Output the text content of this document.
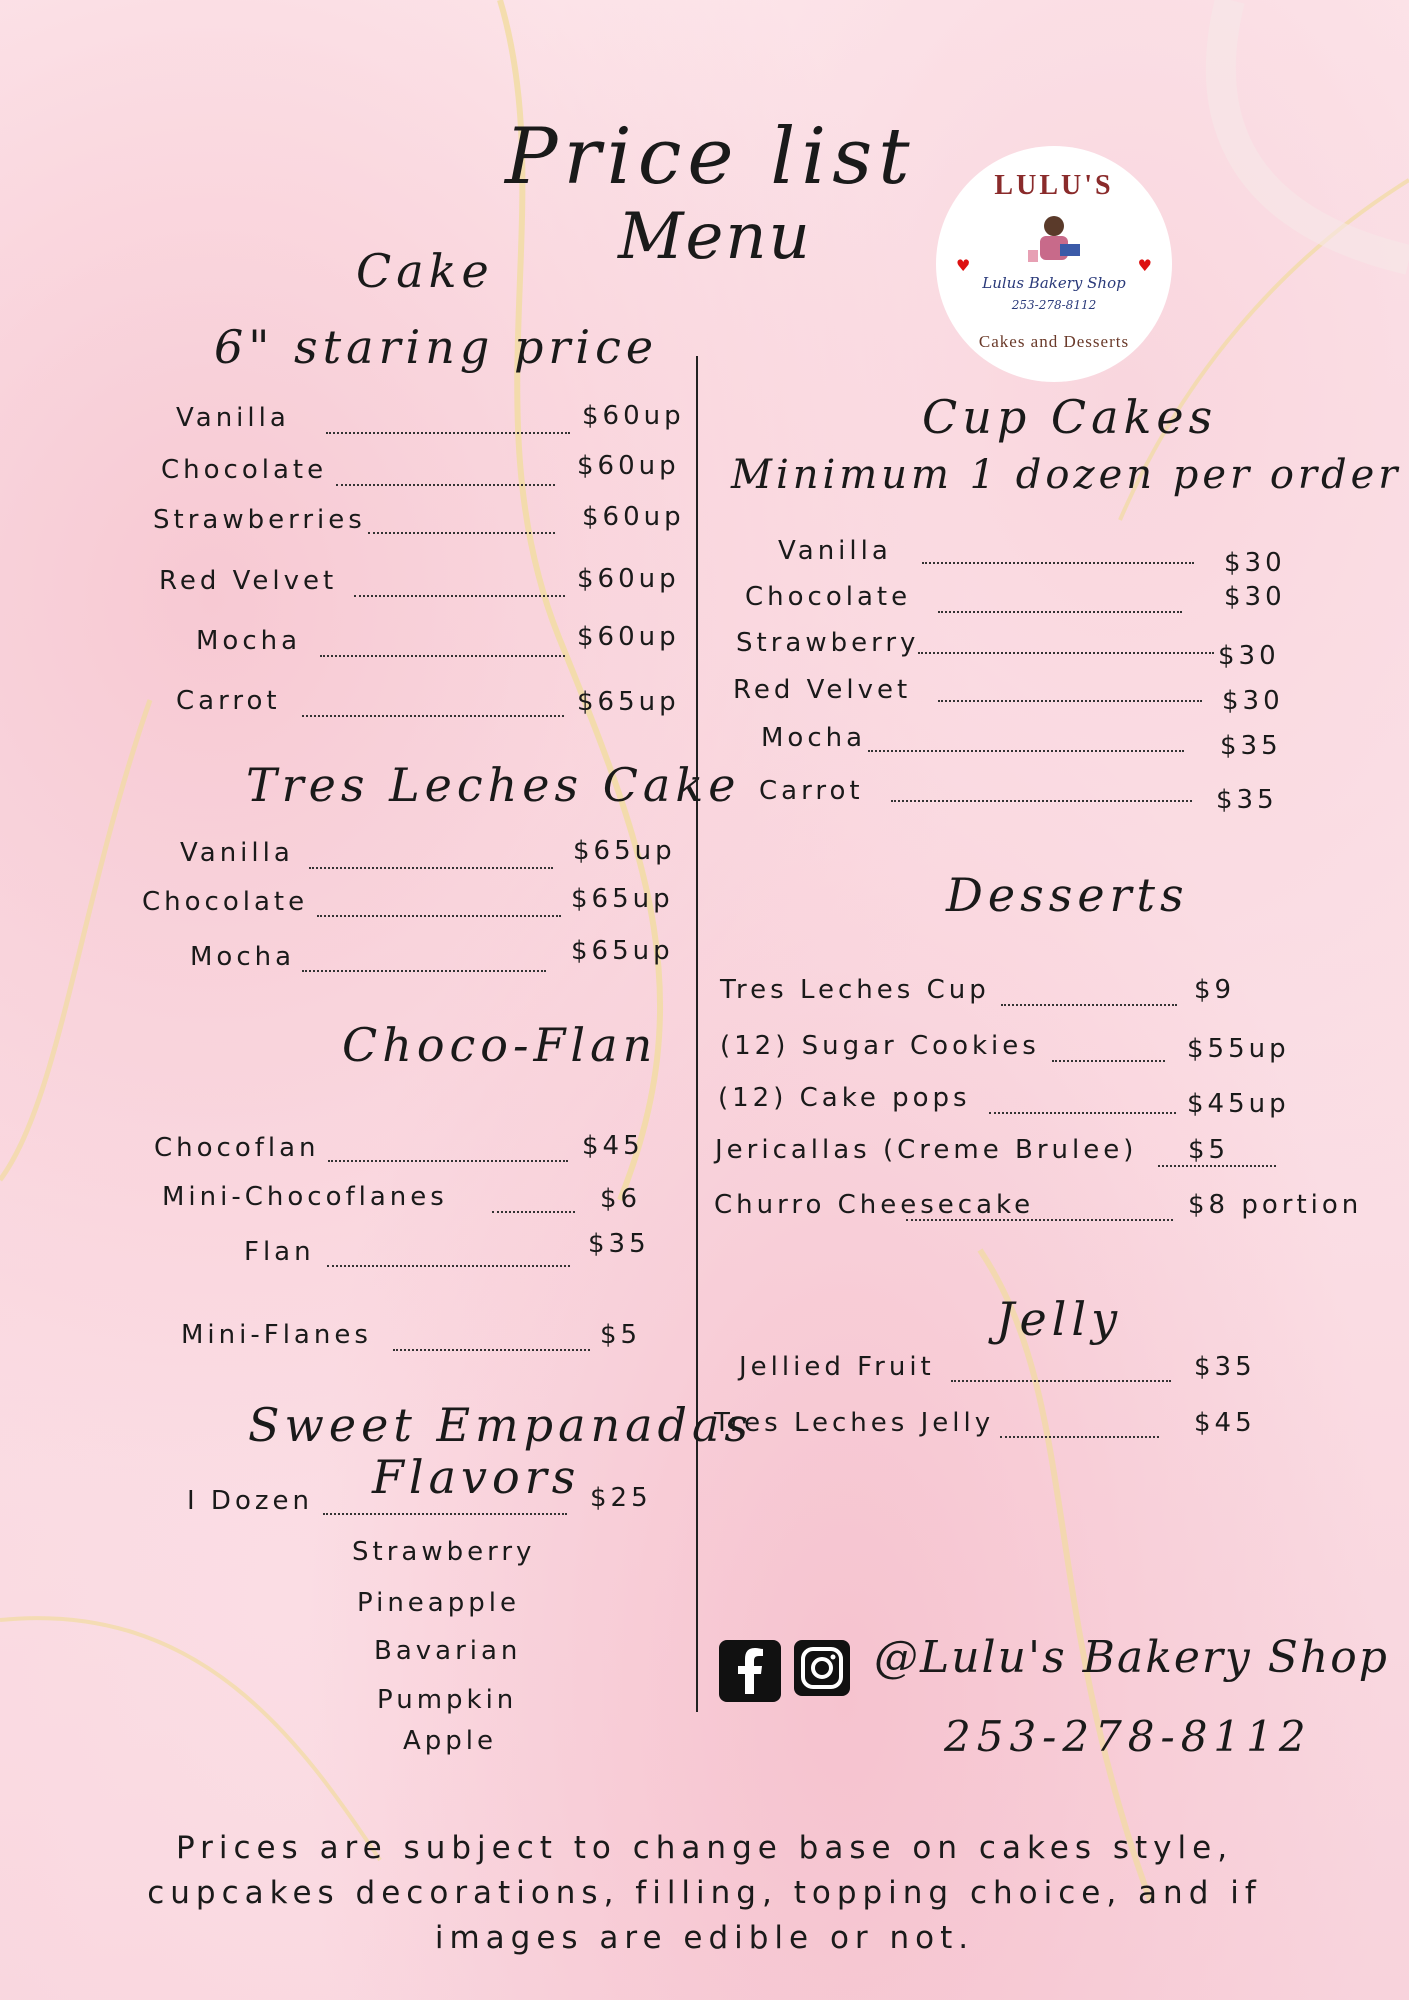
Price list
Menu
LULU'S
♥	♥
Lulus Bakery Shop
253-278-8112
Cakes and Desserts
Cake
6" staring price
Vanilla	$60up
Chocolate	$60up
Strawberries	$60up
Red Velvet	$60up
Mocha	$60up
Carrot	$65up
Tres Leches Cake
Vanilla	$65up
Chocolate	$65up
Mocha	$65up
Choco-Flan
Chocoflan	$45
Mini-Chocoflanes	$6
Flan	$35
Mini-Flanes	$5
Sweet Empanadas
Flavors
I Dozen	$25
Strawberry
Pineapple
Bavarian
Pumpkin
Apple
Cup Cakes
Minimum 1 dozen per order
Vanilla	$30
Chocolate	$30
Strawberry	$30
Red Velvet	$30
Mocha	$35
Carrot	$35
Desserts
Tres Leches Cup	$9
(12) Sugar Cookies	$55up
(12) Cake pops	$45up
Jericallas (Creme Brulee) $5
Churro Cheesecake	$8 portion
Jelly
Jellied Fruit	$35
Tres Leches Jelly	$45
@Lulu's Bakery Shop
253-278-8112
Prices are subject to change base on cakes style,
cupcakes decorations, filling, topping choice, and if
images are edible or not.
